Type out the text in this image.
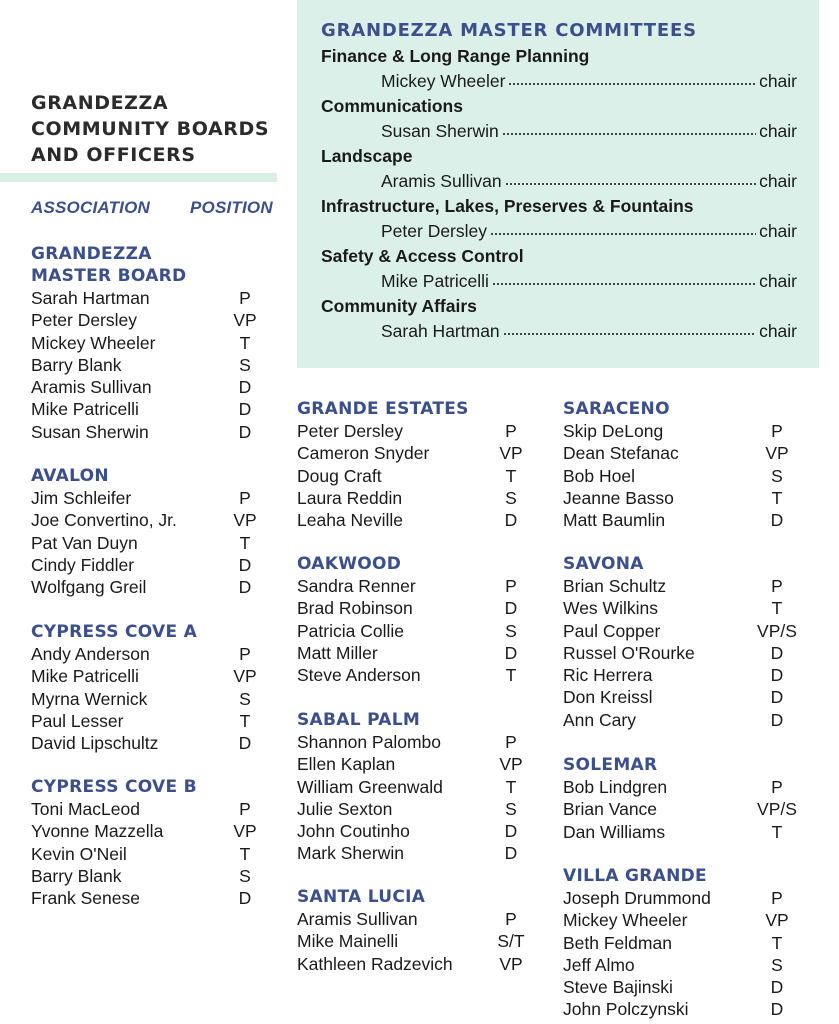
GRANDEZZA
COMMUNITY BOARDS
AND OFFICERS
ASSOCIATION POSITION
GRANDEZZA MASTER COMMITTEES
Finance & Long Range Planning
Mickey Wheeler	chair
Communications
Susan Sherwin	chair
Landscape
Aramis Sullivan	chair
Infrastructure, Lakes, Preserves & Fountains
Peter Dersley	chair
Safety & Access Control
Mike Patricelli	chair
Community Affairs
Sarah Hartman	chair
GRANDEZZA
MASTER BOARD
Sarah Hartman	P
Peter Dersley	VP
Mickey Wheeler	T
Barry Blank	S
Aramis Sullivan	D
Mike Patricelli	D
Susan Sherwin	D
AVALON
Jim Schleifer	P
Joe Convertino, Jr.	VP
Pat Van Duyn	T
Cindy Fiddler	D
Wolfgang Greil	D
CYPRESS COVE A
Andy Anderson	P
Mike Patricelli	VP
Myrna Wernick	S
Paul Lesser	T
David Lipschultz	D
CYPRESS COVE B
Toni MacLeod	P
Yvonne Mazzella	VP
Kevin O'Neil	T
Barry Blank	S
Frank Senese	D
GRANDE ESTATES
Peter Dersley	P
Cameron Snyder	VP
Doug Craft	T
Laura Reddin	S
Leaha Neville	D
OAKWOOD
Sandra Renner	P
Brad Robinson	D
Patricia Collie	S
Matt Miller	D
Steve Anderson	T
SABAL PALM
Shannon Palombo	P
Ellen Kaplan	VP
William Greenwald	T
Julie Sexton	S
John Coutinho	D
Mark Sherwin	D
SANTA LUCIA
Aramis Sullivan	P
Mike Mainelli	S/T
Kathleen Radzevich	VP
SARACENO
Skip DeLong	P
Dean Stefanac	VP
Bob Hoel	S
Jeanne Basso	T
Matt Baumlin	D
SAVONA
Brian Schultz	P
Wes Wilkins	T
Paul Copper	VP/S
Russel O'Rourke	D
Ric Herrera	D
Don Kreissl	D
Ann Cary	D
SOLEMAR
Bob Lindgren	P
Brian Vance	VP/S
Dan Williams	T
VILLA GRANDE
Joseph Drummond	P
Mickey Wheeler	VP
Beth Feldman	T
Jeff Almo	S
Steve Bajinski	D
John Polczynski	D
